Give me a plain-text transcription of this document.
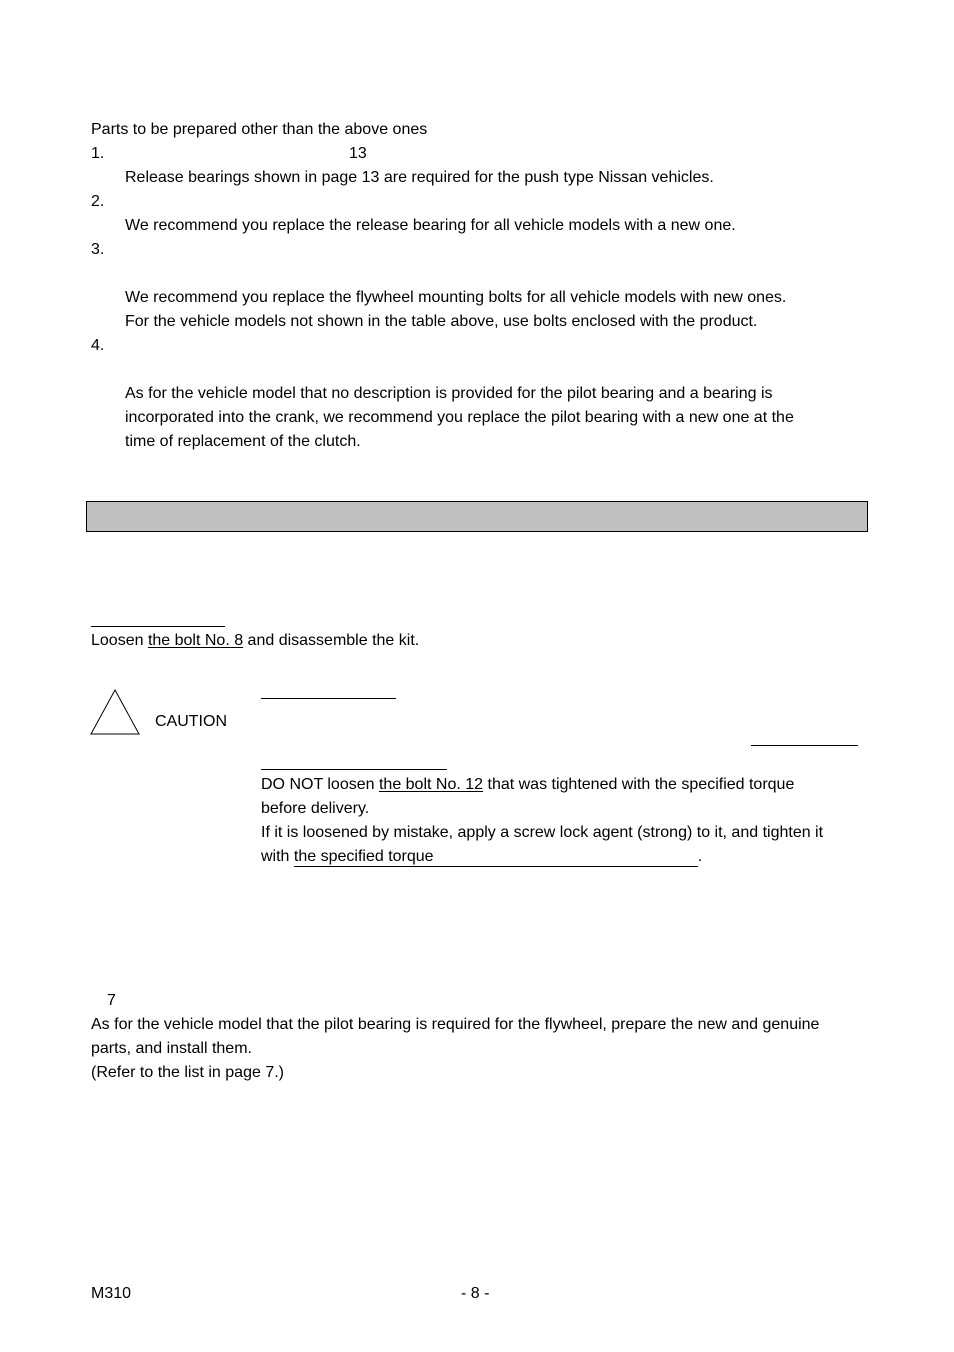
Parts to be prepared other than the above ones
1.	13
Release bearings shown in page 13 are required for the push type Nissan vehicles.
2.
We recommend you replace the release bearing for all vehicle models with a new one.
3.
We recommend you replace the flywheel mounting bolts for all vehicle models with new ones.
For the vehicle models not shown in the table above, use bolts enclosed with the product.
4.
As for the vehicle model that no description is provided for the pilot bearing and a bearing is
incorporated into the crank, we recommend you replace the pilot bearing with a new one at the
time of replacement of the clutch.
Loosen the bolt No. 8 and disassemble the kit.
CAUTION
DO NOT loosen the bolt No. 12 that was tightened with the specified torque
before delivery.
If it is loosened by mistake, apply a screw lock agent (strong) to it, and tighten it
with the specified torque	.
7
As for the vehicle model that the pilot bearing is required for the flywheel, prepare the new and genuine
parts, and install them.
(Refer to the list in page 7.)
M310	- 8 -
